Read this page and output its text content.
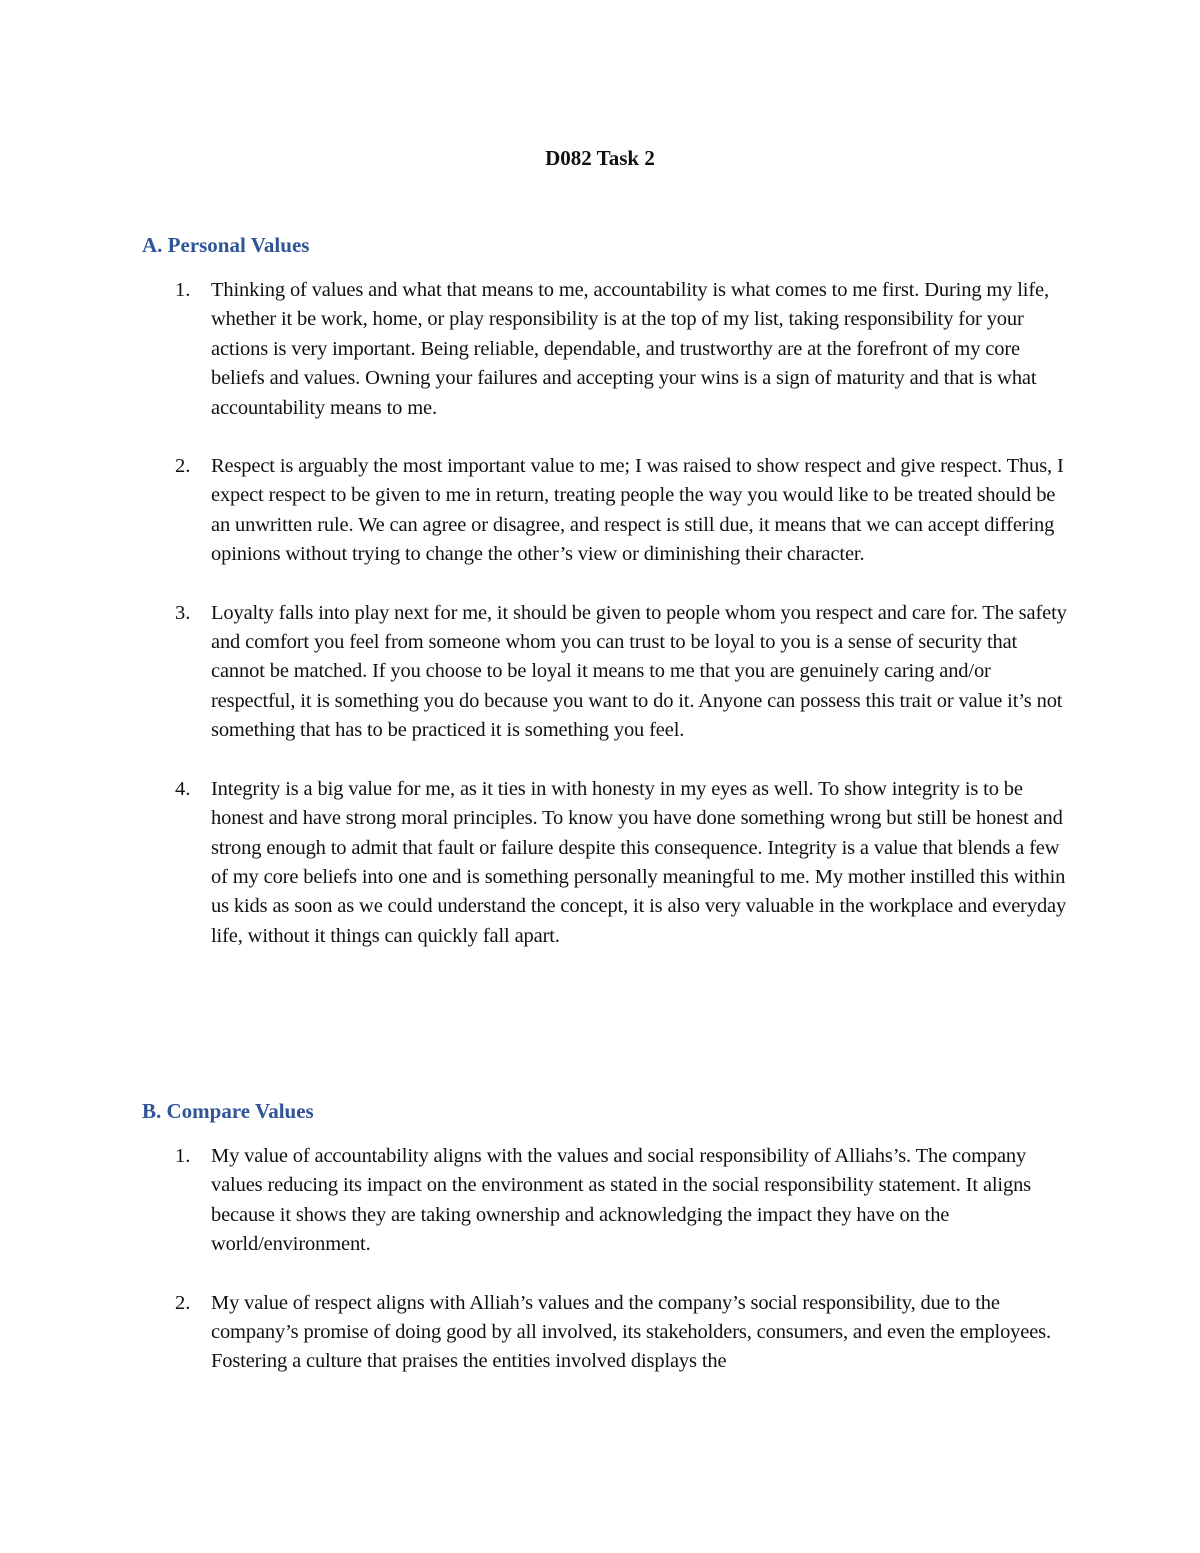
D082 Task 2
A. Personal Values
1. Thinking of values and what that means to me, accountability is what comes to me first. During my life, whether it be work, home, or play responsibility is at the top of my list, taking responsibility for your actions is very important. Being reliable, dependable, and trustworthy are at the forefront of my core beliefs and values. Owning your failures and accepting your wins is a sign of maturity and that is what accountability means to me.
2. Respect is arguably the most important value to me; I was raised to show respect and give respect. Thus, I expect respect to be given to me in return, treating people the way you would like to be treated should be an unwritten rule. We can agree or disagree, and respect is still due, it means that we can accept differing opinions without trying to change the other’s view or diminishing their character.
3. Loyalty falls into play next for me, it should be given to people whom you respect and care for. The safety and comfort you feel from someone whom you can trust to be loyal to you is a sense of security that cannot be matched. If you choose to be loyal it means to me that you are genuinely caring and/or respectful, it is something you do because you want to do it. Anyone can possess this trait or value it’s not something that has to be practiced it is something you feel.
4. Integrity is a big value for me, as it ties in with honesty in my eyes as well. To show integrity is to be honest and have strong moral principles. To know you have done something wrong but still be honest and strong enough to admit that fault or failure despite this consequence. Integrity is a value that blends a few of my core beliefs into one and is something personally meaningful to me. My mother instilled this within us kids as soon as we could understand the concept, it is also very valuable in the workplace and everyday life, without it things can quickly fall apart.
B. Compare Values
1. My value of accountability aligns with the values and social responsibility of Alliahs’s. The company values reducing its impact on the environment as stated in the social responsibility statement. It aligns because it shows they are taking ownership and acknowledging the impact they have on the world/environment.
2. My value of respect aligns with Alliah’s values and the company’s social responsibility, due to the company’s promise of doing good by all involved, its stakeholders, consumers, and even the employees. Fostering a culture that praises the entities involved displays the
